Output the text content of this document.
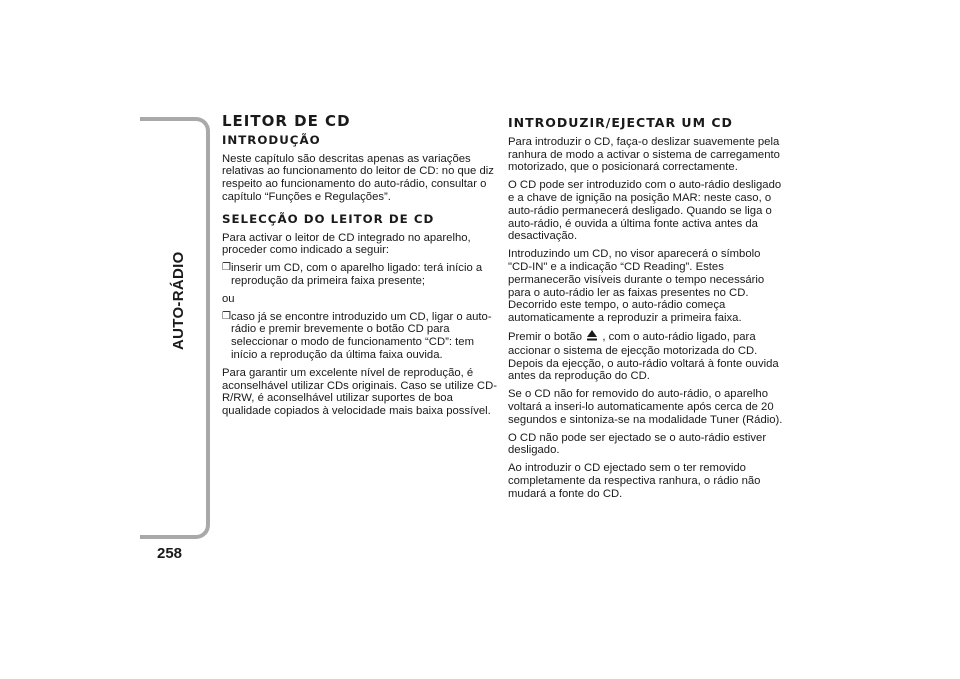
AUTO-RÁDIO
258
LEITOR DE CD
INTRODUÇÃO

Neste capítulo são descritas apenas as variações relativas ao funcionamento do leitor de CD: no que diz respeito ao funcionamento do auto-rádio, consultar o capítulo “Funções e Regulações”.

SELECÇÃO DO LEITOR DE CD

Para activar o leitor de CD integrado no aparelho, proceder como indicado a seguir:

❒ inserir um CD, com o aparelho ligado: terá início a reprodução da primeira faixa presente;

ou

❒ caso já se encontre introduzido um CD, ligar o auto-rádio e premir brevemente o botão CD para seleccionar o modo de funcionamento “CD”: tem início a reprodução da última faixa ouvida.

Para garantir um excelente nível de reprodução, é aconselhável utilizar CDs originais. Caso se utilize CD-R/RW, é aconselhável utilizar suportes de boa qualidade copiados à velocidade mais baixa possível.

INTRODUZIR/EJECTAR UM CD

Para introduzir o CD, faça-o deslizar suavemente pela ranhura de modo a activar o sistema de carregamento motorizado, que o posicionará correctamente.

O CD pode ser introduzido com o auto-rádio desligado e a chave de ignição na posição MAR: neste caso, o auto-rádio permanecerá desligado. Quando se liga o auto-rádio, é ouvida a última fonte activa antes da desactivação.

Introduzindo um CD, no visor aparecerá o símbolo "CD-IN" e a indicação “CD Reading”. Estes permanecerão visíveis durante o tempo necessário para o auto-rádio ler as faixas presentes no CD. Decorrido este tempo, o auto-rádio começa automaticamente a reproduzir a primeira faixa.

Premir o botão , com o auto-rádio ligado, para accionar o sistema de ejecção motorizada do CD. Depois da ejecção, o auto-rádio voltará à fonte ouvida antes da reprodução do CD.

Se o CD não for removido do auto-rádio, o aparelho voltará a inseri-lo automaticamente após cerca de 20 segundos e sintoniza-se na modalidade Tuner (Rádio).

O CD não pode ser ejectado se o auto-rádio estiver desligado.

Ao introduzir o CD ejectado sem o ter removido completamente da respectiva ranhura, o rádio não mudará a fonte do CD.
